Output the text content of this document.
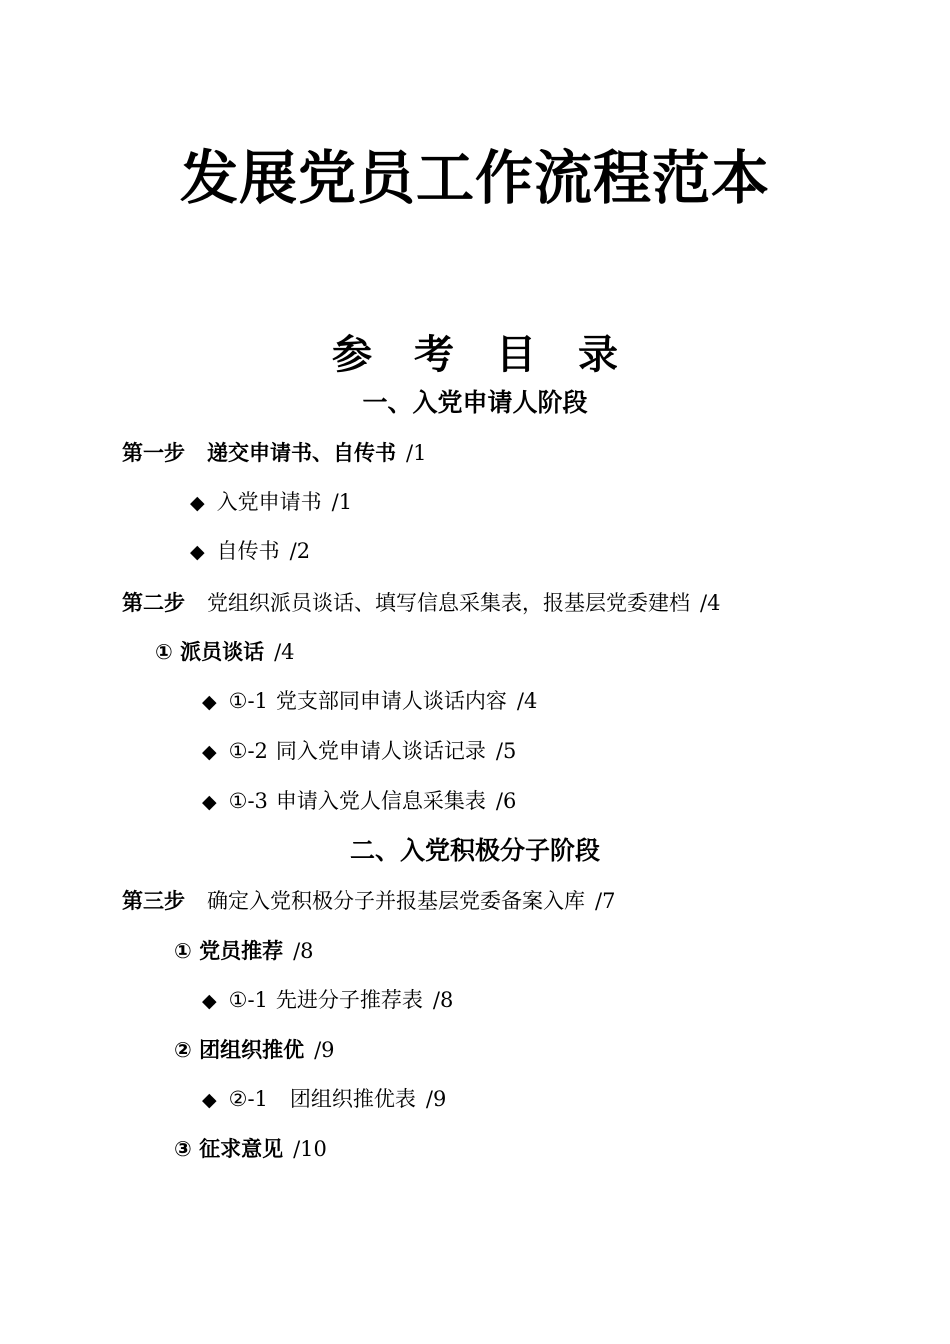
发展党员工作流程范本
参考目录
一、入党申请人阶段
第一步 递交申请书、自传书 /1
◆ 入党申请书 /1
◆ 自传书 /2
第二步 党组织派员谈话、填写信息采集表，报基层党委建档 /4
① 派员谈话 /4
◆ ①-1 党支部同申请人谈话内容 /4
◆ ①-2 同入党申请人谈话记录 /5
◆ ①-3 申请入党人信息采集表 /6
二、入党积极分子阶段
第三步 确定入党积极分子并报基层党委备案入库 /7
① 党员推荐 /8
◆ ①-1 先进分子推荐表 /8
② 团组织推优 /9
◆ ②-1 团组织推优表 /9
③ 征求意见 /10
